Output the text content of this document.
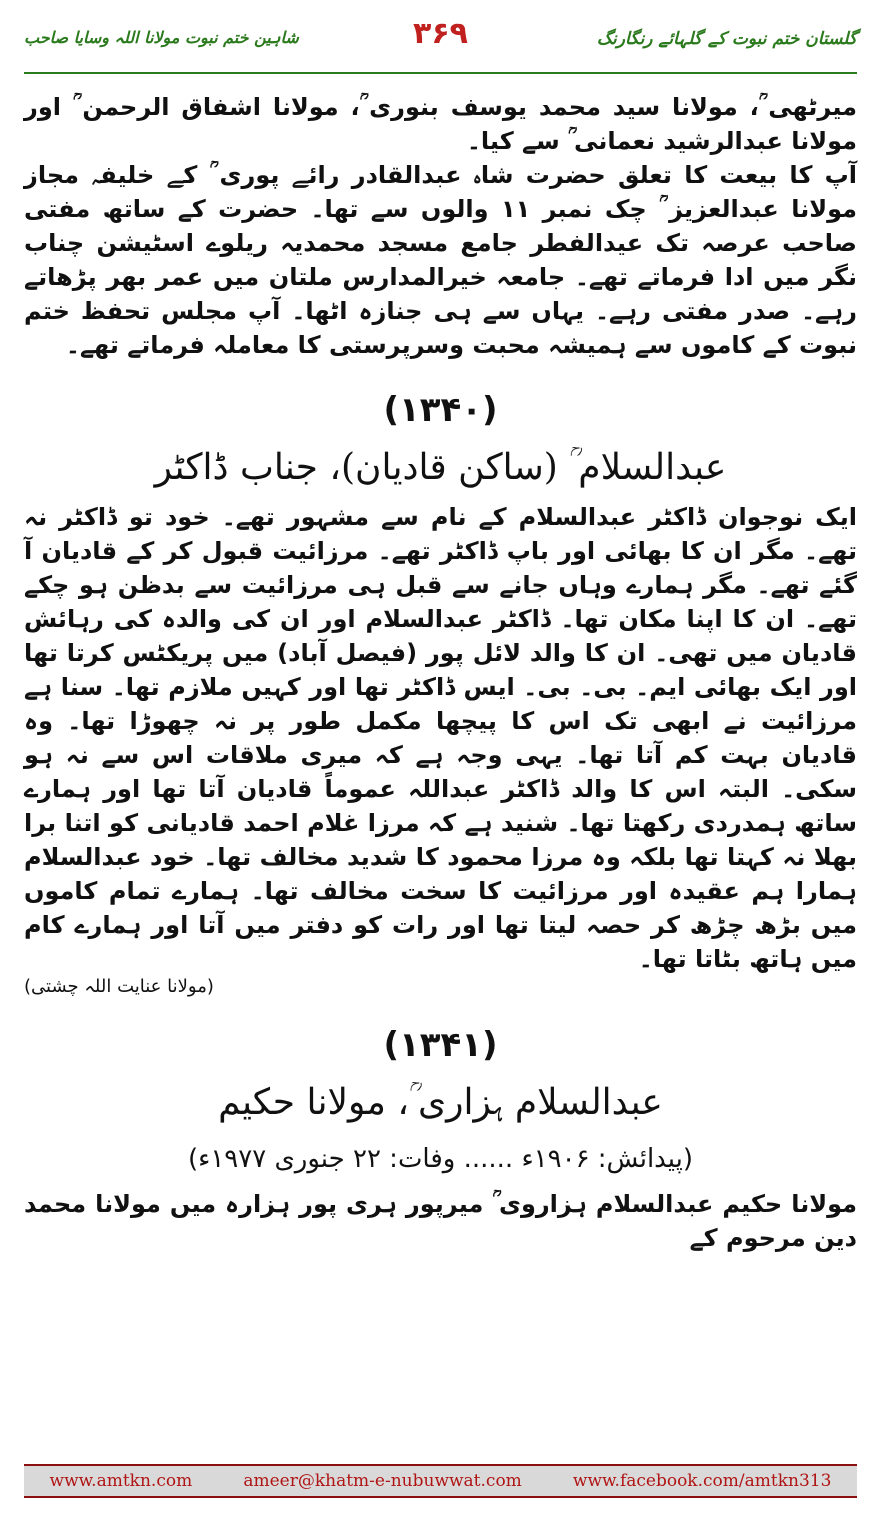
گلستان ختم نبوت کے گلہائے رنگارنگ
۳۶۹
شاہین ختم نبوت مولانا اللہ وسایا صاحب

میرٹھی ؒ، مولانا سید محمد یوسف بنوری ؒ، مولانا اشفاق الرحمن ؒ اور مولانا عبدالرشید نعمانی ؒ سے کیا۔

آپ کا بیعت کا تعلق حضرت شاہ عبدالقادر رائے پوری ؒ کے خلیفہ مجاز مولانا عبدالعزیز ؒ چک نمبر ۱۱ والوں سے تھا۔ حضرت کے ساتھ مفتی صاحب عرصہ تک عیدالفطر جامع مسجد محمدیہ ریلوے اسٹیشن چناب نگر میں ادا فرماتے تھے۔ جامعہ خیرالمدارس ملتان میں عمر بھر پڑھاتے رہے۔ صدر مفتی رہے۔ یہاں سے ہی جنازہ اٹھا۔ آپ مجلس تحفظ ختم نبوت کے کاموں سے ہمیشہ محبت وسرپرستی کا معاملہ فرماتے تھے۔

(۱۳۴۰)
عبدالسلام ؒ (ساکن قادیان)، جناب ڈاکٹر

ایک نوجوان ڈاکٹر عبدالسلام کے نام سے مشہور تھے۔ خود تو ڈاکٹر نہ تھے۔ مگر ان کا بھائی اور باپ ڈاکٹر تھے۔ مرزائیت قبول کر کے قادیان آ گئے تھے۔ مگر ہمارے وہاں جانے سے قبل ہی مرزائیت سے بدظن ہو چکے تھے۔ ان کا اپنا مکان تھا۔ ڈاکٹر عبدالسلام اور ان کی والدہ کی رہائش قادیان میں تھی۔ ان کا والد لائل پور (فیصل آباد) میں پریکٹس کرتا تھا اور ایک بھائی ایم۔ بی۔ بی۔ ایس ڈاکٹر تھا اور کہیں ملازم تھا۔ سنا ہے مرزائیت نے ابھی تک اس کا پیچھا مکمل طور پر نہ چھوڑا تھا۔ وہ قادیان بہت کم آتا تھا۔ یہی وجہ ہے کہ میری ملاقات اس سے نہ ہو سکی۔ البتہ اس کا والد ڈاکٹر عبداللہ عموماً قادیان آتا تھا اور ہمارے ساتھ ہمدردی رکھتا تھا۔ شنید ہے کہ مرزا غلام احمد قادیانی کو اتنا برا بھلا نہ کہتا تھا بلکہ وہ مرزا محمود کا شدید مخالف تھا۔ خود عبدالسلام ہمارا ہم عقیدہ اور مرزائیت کا سخت مخالف تھا۔ ہمارے تمام کاموں میں بڑھ چڑھ کر حصہ لیتا تھا اور رات کو دفتر میں آتا اور ہمارے کام میں ہاتھ بٹاتا تھا۔

(مولانا عنایت اللہ چشتی)
(۱۳۴۱)
عبدالسلام ہزاری ؒ، مولانا حکیم
(پیدائش: ۱۹۰۶ء ...... وفات: ۲۲ جنوری ۱۹۷۷ء)

مولانا حکیم عبدالسلام ہزاروی ؒ میرپور ہری پور ہزارہ میں مولانا محمد دین مرحوم کے

www.amtkn.com	ameer@khatm-e-nubuwwat.com	www.facebook.com/amtkn313
